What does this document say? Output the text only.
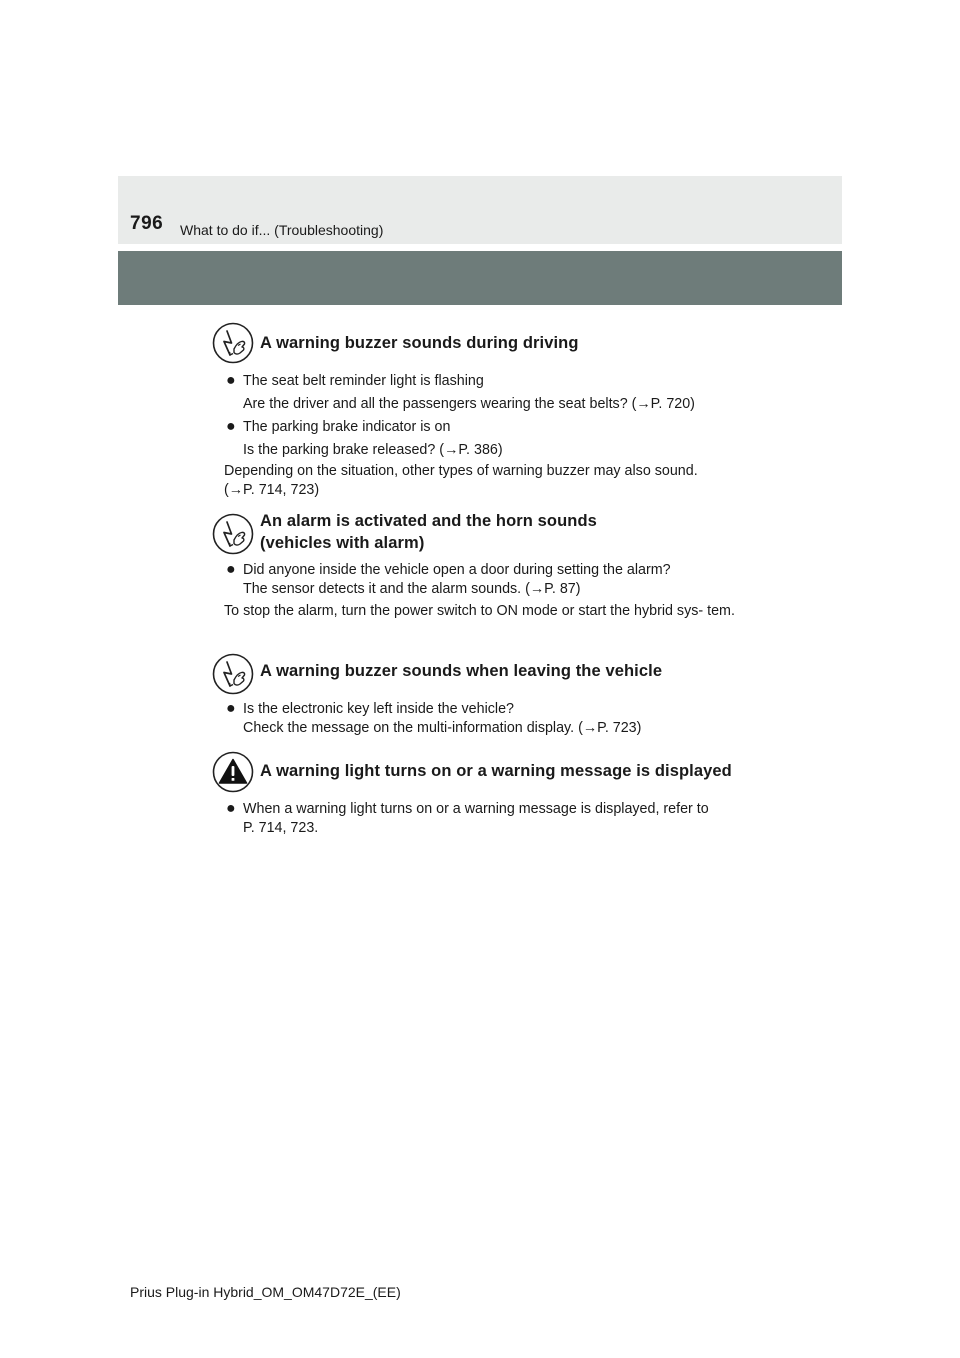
796 What to do if... (Troubleshooting)
A warning buzzer sounds during driving
● The seat belt reminder light is flashing
Are the driver and all the passengers wearing the seat belts? (→P. 720)
● The parking brake indicator is on
Is the parking brake released? (→P. 386)
Depending on the situation, other types of warning buzzer may also sound.
(→P. 714, 723)
An alarm is activated and the horn sounds
(vehicles with alarm)
● Did anyone inside the vehicle open a door during setting the alarm?
The sensor detects it and the alarm sounds. (→P. 87)
To stop the alarm, turn the power switch to ON mode or start the hybrid sys- tem.
A warning buzzer sounds when leaving the vehicle
● Is the electronic key left inside the vehicle?
Check the message on the multi-information display. (→P. 723)
A warning light turns on or a warning message is displayed
● When a warning light turns on or a warning message is displayed, refer to
P. 714, 723.
Prius Plug-in Hybrid_OM_OM47D72E_(EE)
